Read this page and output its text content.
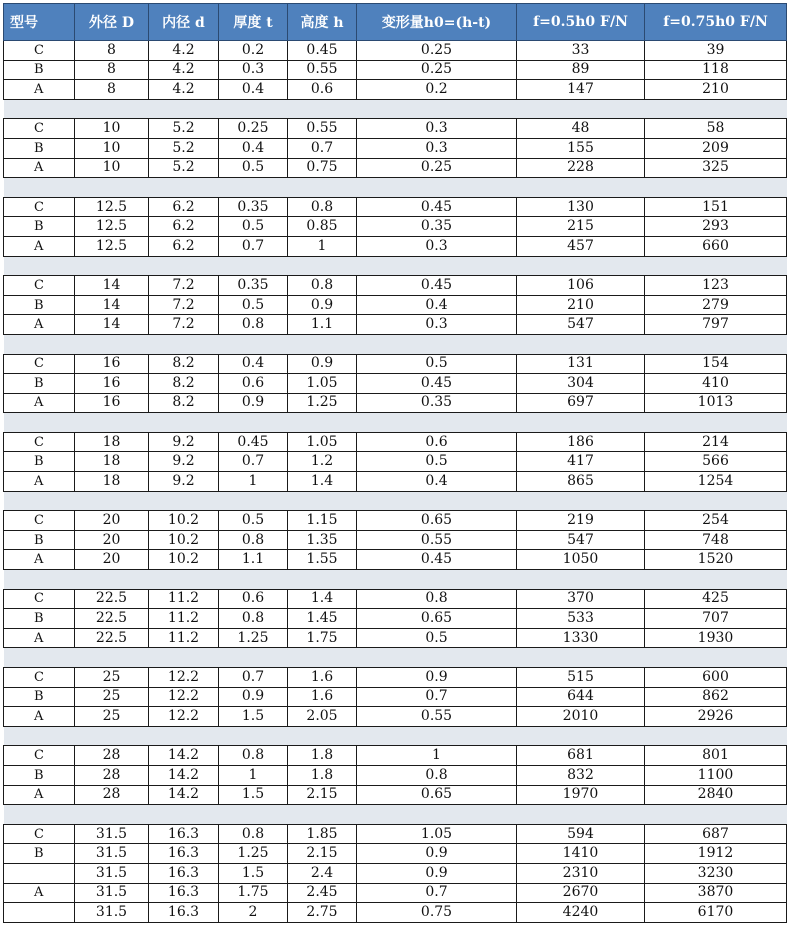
型号	外径 D	内径 d	厚度 t	高度 h	变形量h0=(h-t)	f=0.5h0 F/N	f=0.75h0 F/N
C	8	4.2	0.2	0.45	0.25	33	39
B	8	4.2	0.3	0.55	0.25	89	118
A	8	4.2	0.4	0.6	0.2	147	210

C	10	5.2	0.25	0.55	0.3	48	58
B	10	5.2	0.4	0.7	0.3	155	209
A	10	5.2	0.5	0.75	0.25	228	325

C	12.5	6.2	0.35	0.8	0.45	130	151
B	12.5	6.2	0.5	0.85	0.35	215	293
A	12.5	6.2	0.7	1	0.3	457	660

C	14	7.2	0.35	0.8	0.45	106	123
B	14	7.2	0.5	0.9	0.4	210	279
A	14	7.2	0.8	1.1	0.3	547	797

C	16	8.2	0.4	0.9	0.5	131	154
B	16	8.2	0.6	1.05	0.45	304	410
A	16	8.2	0.9	1.25	0.35	697	1013

C	18	9.2	0.45	1.05	0.6	186	214
B	18	9.2	0.7	1.2	0.5	417	566
A	18	9.2	1	1.4	0.4	865	1254

C	20	10.2	0.5	1.15	0.65	219	254
B	20	10.2	0.8	1.35	0.55	547	748
A	20	10.2	1.1	1.55	0.45	1050	1520

C	22.5	11.2	0.6	1.4	0.8	370	425
B	22.5	11.2	0.8	1.45	0.65	533	707
A	22.5	11.2	1.25	1.75	0.5	1330	1930

C	25	12.2	0.7	1.6	0.9	515	600
B	25	12.2	0.9	1.6	0.7	644	862
A	25	12.2	1.5	2.05	0.55	2010	2926

C	28	14.2	0.8	1.8	1	681	801
B	28	14.2	1	1.8	0.8	832	1100
A	28	14.2	1.5	2.15	0.65	1970	2840

C	31.5	16.3	0.8	1.85	1.05	594	687
B	31.5	16.3	1.25	2.15	0.9	1410	1912
	31.5	16.3	1.5	2.4	0.9	2310	3230
A	31.5	16.3	1.75	2.45	0.7	2670	3870
	31.5	16.3	2	2.75	0.75	4240	6170
